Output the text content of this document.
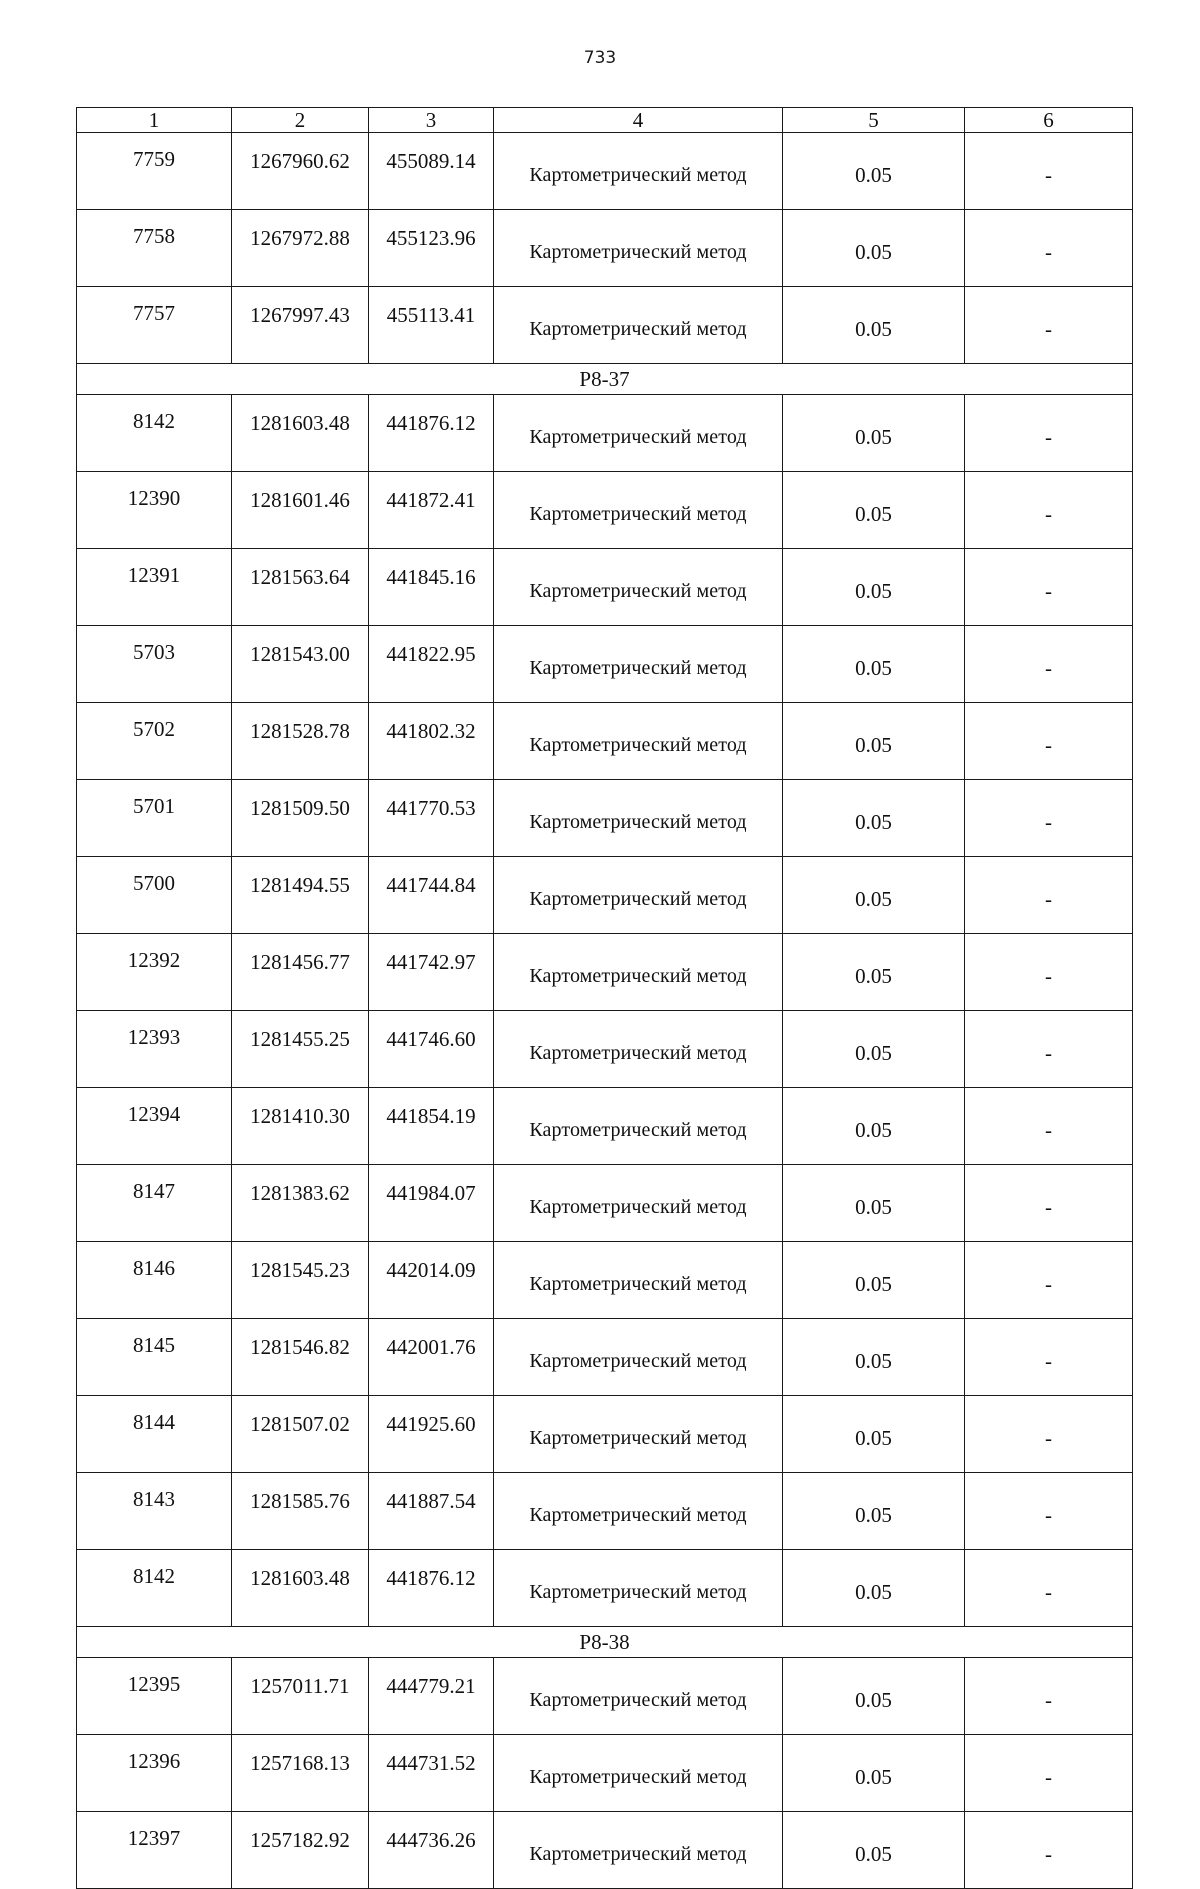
733
1	2	3	4	5	6
7759	1267960.62	455089.14	Картометрический метод	0.05	-
7758	1267972.88	455123.96	Картометрический метод	0.05	-
7757	1267997.43	455113.41	Картометрический метод	0.05	-
Р8-37					
8142	1281603.48	441876.12	Картометрический метод	0.05	-
12390	1281601.46	441872.41	Картометрический метод	0.05	-
12391	1281563.64	441845.16	Картометрический метод	0.05	-
5703	1281543.00	441822.95	Картометрический метод	0.05	-
5702	1281528.78	441802.32	Картометрический метод	0.05	-
5701	1281509.50	441770.53	Картометрический метод	0.05	-
5700	1281494.55	441744.84	Картометрический метод	0.05	-
12392	1281456.77	441742.97	Картометрический метод	0.05	-
12393	1281455.25	441746.60	Картометрический метод	0.05	-
12394	1281410.30	441854.19	Картометрический метод	0.05	-
8147	1281383.62	441984.07	Картометрический метод	0.05	-
8146	1281545.23	442014.09	Картометрический метод	0.05	-
8145	1281546.82	442001.76	Картометрический метод	0.05	-
8144	1281507.02	441925.60	Картометрический метод	0.05	-
8143	1281585.76	441887.54	Картометрический метод	0.05	-
8142	1281603.48	441876.12	Картометрический метод	0.05	-
Р8-38					
12395	1257011.71	444779.21	Картометрический метод	0.05	-
12396	1257168.13	444731.52	Картометрический метод	0.05	-
12397	1257182.92	444736.26	Картометрический метод	0.05	-
